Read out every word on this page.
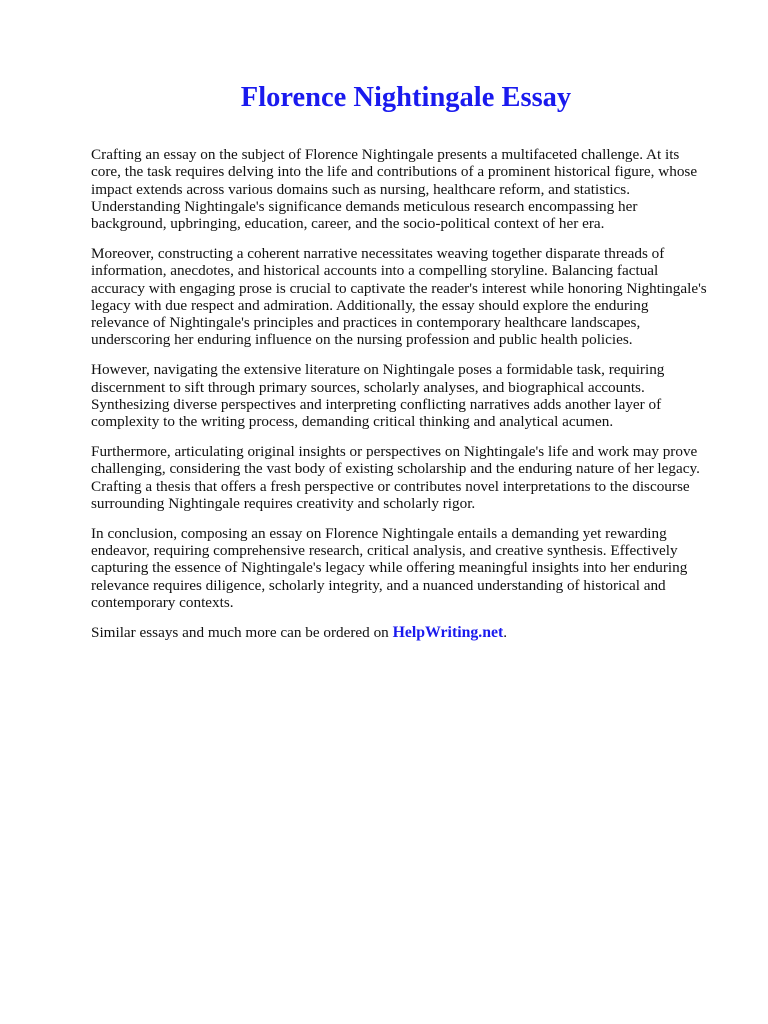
Florence Nightingale Essay

Crafting an essay on the subject of Florence Nightingale presents a multifaceted challenge. At its
core, the task requires delving into the life and contributions of a prominent historical figure, whose
impact extends across various domains such as nursing, healthcare reform, and statistics.
Understanding Nightingale's significance demands meticulous research encompassing her
background, upbringing, education, career, and the socio-political context of her era.

Moreover, constructing a coherent narrative necessitates weaving together disparate threads of
information, anecdotes, and historical accounts into a compelling storyline. Balancing factual
accuracy with engaging prose is crucial to captivate the reader's interest while honoring Nightingale's
legacy with due respect and admiration. Additionally, the essay should explore the enduring
relevance of Nightingale's principles and practices in contemporary healthcare landscapes,
underscoring her enduring influence on the nursing profession and public health policies.

However, navigating the extensive literature on Nightingale poses a formidable task, requiring
discernment to sift through primary sources, scholarly analyses, and biographical accounts.
Synthesizing diverse perspectives and interpreting conflicting narratives adds another layer of
complexity to the writing process, demanding critical thinking and analytical acumen.

Furthermore, articulating original insights or perspectives on Nightingale's life and work may prove
challenging, considering the vast body of existing scholarship and the enduring nature of her legacy.
Crafting a thesis that offers a fresh perspective or contributes novel interpretations to the discourse
surrounding Nightingale requires creativity and scholarly rigor.

In conclusion, composing an essay on Florence Nightingale entails a demanding yet rewarding
endeavor, requiring comprehensive research, critical analysis, and creative synthesis. Effectively
capturing the essence of Nightingale's legacy while offering meaningful insights into her enduring
relevance requires diligence, scholarly integrity, and a nuanced understanding of historical and
contemporary contexts.

Similar essays and much more can be ordered on HelpWriting.net.
